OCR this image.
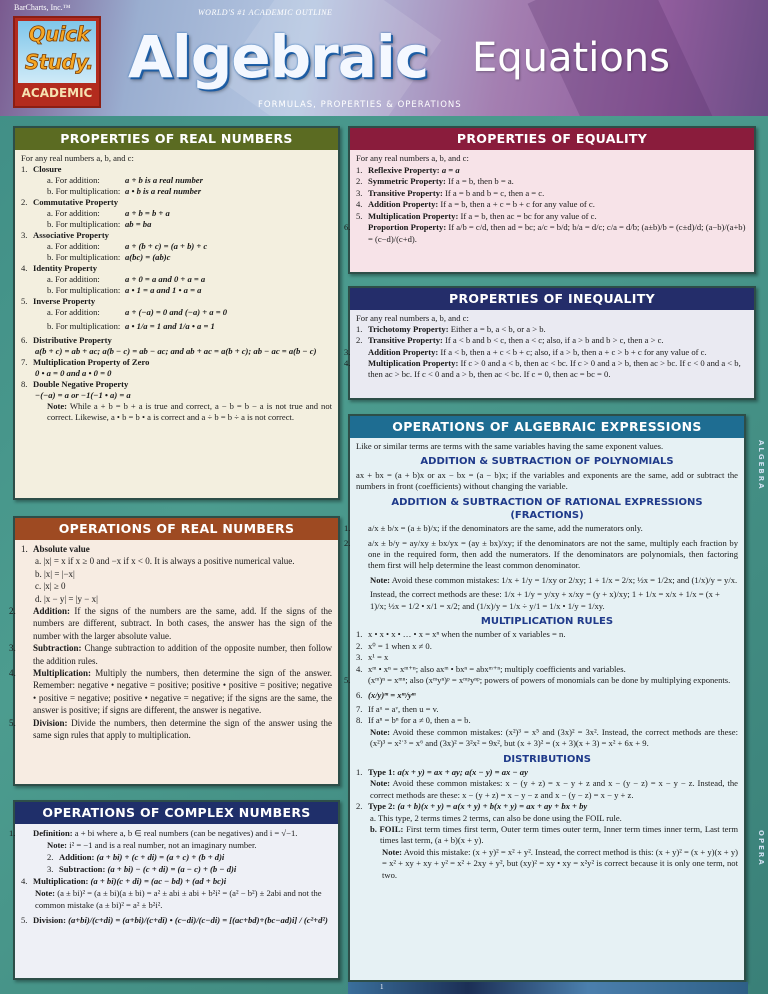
BarCharts, Inc.™
Quick
Study.
ACADEMIC
WORLD'S #1 ACADEMIC OUTLINE
Algebraic Equations
FORMULAS, PROPERTIES & OPERATIONS
PROPERTIES OF REAL NUMBERS
For any real numbers a, b, and c:
1. Closure
a. For addition:	a + b is a real number
b. For multiplication: a • b is a real number
2. Commutative Property
a. For addition:	a + b = b + a
b. For multiplication: ab = ba
3. Associative Property
a. For addition:	a + (b + c) = (a + b) + c
b. For multiplication: a(bc) = (ab)c
4. Identity Property
a. For addition:	a + 0 = a and 0 + a = a
b. For multiplication: a • 1 = a and 1 • a = a
5. Inverse Property
a. For addition:	a + (−a) = 0 and (−a) + a = 0
b. For multiplication: a • 1/a = 1 and 1/a • a = 1
6. Distributive Property
a(b + c) = ab + ac; a(b − c) = ab − ac; and ab + ac = a(b + c); ab − ac = a(b − c)
7. Multiplication Property of Zero
0 • a = 0 and a • 0 = 0
8. Double Negative Property
−(−a) = a or −1(−1 • a) = a
Note: While a + b = b + a is true and correct, a − b = b − a is not true and not correct. Likewise, a • b = b • a is correct and a ÷ b = b ÷ a is not correct.
OPERATIONS OF REAL NUMBERS
1. Absolute value
a. |x| = x if x ≥ 0 and −x if x < 0. It is always a positive numerical value.
b. |x| = |−x|
c. |x| ≥ 0
d. |x − y| = |y − x|
2. Addition: If the signs of the numbers are the same, add. If the signs of the numbers are different, subtract. In both cases, the answer has the sign of the number with the larger absolute value.
3. Subtraction: Change subtraction to addition of the opposite number, then follow the addition rules.
4. Multiplication: Multiply the numbers, then determine the sign of the answer. Remember: negative • negative = positive; positive • positive = positive; negative • positive = negative; positive • negative = negative; if the signs are the same, the answer is positive; if signs are different, the answer is negative.
5. Division: Divide the numbers, then determine the sign of the answer using the same sign rules that apply to multiplication.
OPERATIONS OF COMPLEX NUMBERS
1. Definition: a + bi where a, b ∈ real numbers (can be negatives) and i = √−1.
Note: i² = −1 and is a real number, not an imaginary number.
2. Addition: (a + bi) + (c + di) = (a + c) + (b + d)i
3. Subtraction: (a + bi) − (c + di) = (a − c) + (b − d)i
4. Multiplication: (a + bi)(c + di) = (ac − bd) + (ad + bc)i
Note: (a ± bi)² = (a ± bi)(a ± bi) = a² ± abi ± abi + b²i² = (a² − b²) ± 2abi and not the common mistake (a ± bi)² = a² ± b²i².
5. Division: (a+bi)/(c+di) = (a+bi)/(c+di) • (c−di)/(c−di) = [(ac+bd)+(bc−ad)i] / (c²+d²)
PROPERTIES OF EQUALITY
For any real numbers a, b, and c:
1. Reflexive Property: a = a
2. Symmetric Property: If a = b, then b = a.
3. Transitive Property: If a = b and b = c, then a = c.
4. Addition Property: If a = b, then a + c = b + c for any value of c.
5. Multiplication Property: If a = b, then ac = bc for any value of c.
6. Proportion Property: If a/b = c/d, then ad = bc; a/c = b/d; b/a = d/c; c/a = d/b; (a±b)/b = (c±d)/d; (a−b)/(a+b) = (c−d)/(c+d).
PROPERTIES OF INEQUALITY
For any real numbers a, b, and c:
1. Trichotomy Property: Either a = b, a < b, or a > b.
2. Transitive Property: If a < b and b < c, then a < c; also, if a > b and b > c, then a > c.
3. Addition Property: If a < b, then a + c < b + c; also, if a > b, then a + c > b + c for any value of c.
4. Multiplication Property: If c > 0 and a < b, then ac < bc. If c > 0 and a > b, then ac > bc. If c < 0 and a < b, then ac > bc. If c < 0 and a > b, then ac < bc. If c = 0, then ac = bc = 0.
OPERATIONS OF ALGEBRAIC EXPRESSIONS
Like or similar terms are terms with the same variables having the same exponent values.
ADDITION & SUBTRACTION OF POLYNOMIALS
ax + bx = (a + b)x or ax − bx = (a − b)x; if the variables and exponents are the same, add or subtract the numbers in front (coefficients) without changing the variable.
ADDITION & SUBTRACTION OF RATIONAL EXPRESSIONS (FRACTIONS)
1. a/x ± b/x = (a ± b)/x; if the denominators are the same, add the numerators only.
2. a/x ± b/y = ay/xy ± bx/yx = (ay ± bx)/xy; if the denominators are not the same, multiply each fraction by one in the required form, then add the numerators. If the denominators are polynomials, then factoring them first will help determine the least common denominator.
Note: Avoid these common mistakes: 1/x + 1/y = 1/xy or 2/xy; 1 + 1/x = 2/x; ½x = 1/2x; and (1/x)/y = y/x.
Instead, the correct methods are these: 1/x + 1/y = y/xy + x/xy = (y + x)/xy; 1 + 1/x = x/x + 1/x = (x + 1)/x; ½x = 1/2 • x/1 = x/2; and (1/x)/y = 1/x ÷ y/1 = 1/x • 1/y = 1/xy.
MULTIPLICATION RULES
1. x • x • x • … • x = xⁿ when the number of x variables = n.
2. x⁰ = 1 when x ≠ 0.
3. x¹ = x
4. xᵐ • xⁿ = xᵐ⁺ⁿ; also axᵐ • bxⁿ = abxᵐ⁺ⁿ; multiply coefficients and variables.
5. (xᵐ)ⁿ = xᵐⁿ; also (xᵐyⁿ)ᵖ = xᵐᵖyⁿᵖ; powers of powers of monomials can be done by multiplying exponents.
6. (x/y)ᵐ = xᵐ/yᵐ
7. If aᵘ = aᵛ, then u = v.
8. If aⁿ = bⁿ for a ≠ 0, then a = b.
Note: Avoid these common mistakes: (x²)³ = x⁵ and (3x)² = 3x². Instead, the correct methods are these: (x²)³ = x²˙³ = x⁶ and (3x)² = 3²x² = 9x², but (x + 3)² = (x + 3)(x + 3) = x² + 6x + 9.
DISTRIBUTIONS
1. Type 1: a(x + y) = ax + ay; a(x − y) = ax − ay
Note: Avoid these common mistakes: x − (y + z) = x − y + z and x − (y − z) = x − y − z. Instead, the correct methods are these: x − (y + z) = x − y − z and x − (y − z) = x − y + z.
2. Type 2: (a + b)(x + y) = a(x + y) + b(x + y) = ax + ay + bx + by
a. This type, 2 terms times 2 terms, can also be done using the FOIL rule.
b. FOIL: First term times first term, Outer term times outer term, Inner term times inner term, Last term times last term, (a + b)(x + y).
Note: Avoid this mistake: (x + y)² = x² + y². Instead, the correct method is this: (x + y)² = (x + y)(x + y) = x² + xy + xy + y² = x² + 2xy + y², but (xy)² = xy • xy = x²y² is correct because it is only one term, not two.
ALGEBRA
OPERA
1
